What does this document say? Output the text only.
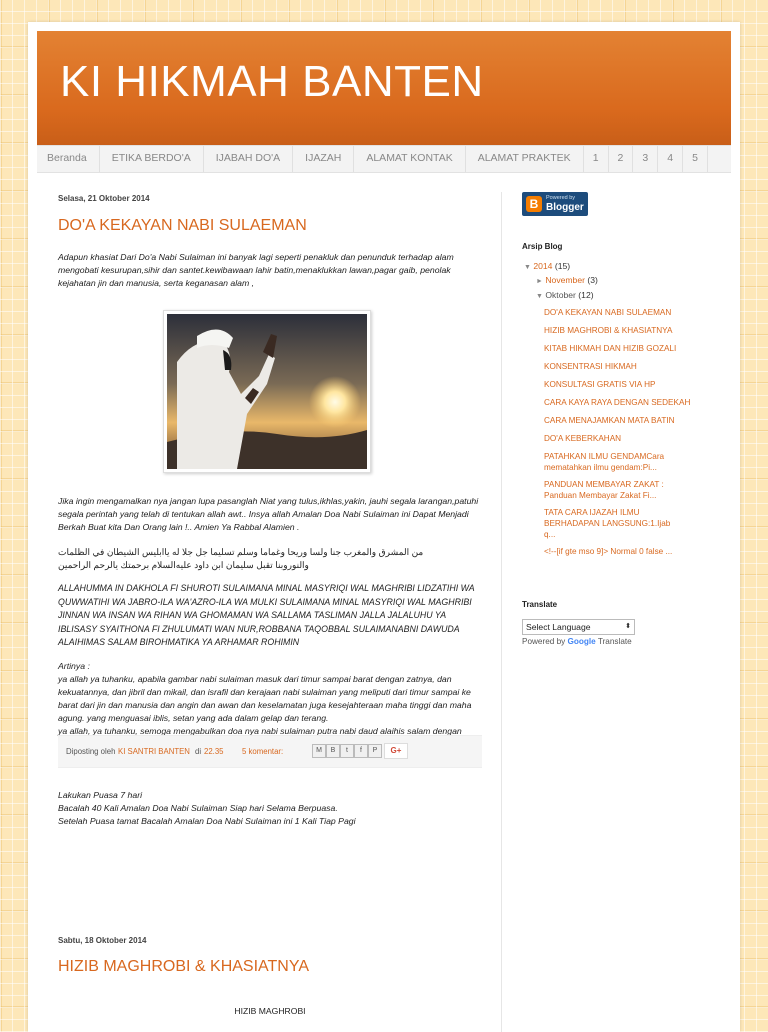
KI HIKMAH BANTEN
Beranda	ETIKA BERDO'A	IJABAH DO'A	IJAZAH	ALAMAT KONTAK	ALAMAT PRAKTEK	1	2	3	4	5
Selasa, 21 Oktober 2014
DO'A KEKAYAN NABI SULAEMAN

Adapun khasiat Dari Do'a Nabi Sulaiman ini banyak lagi seperti penakluk dan penunduk terhadap alam mengobati kesurupan,sihir dan santet.kewibawaan lahir batin,menaklukkan lawan,pagar gaib, penolak kejahatan jin dan manusia, serta keganasan alam ,

Jika ingin mengamalkan nya jangan lupa pasanglah Niat yang tulus,ikhlas,yakin, jauhi segala larangan,patuhi segala perintah yang telah di tentukan allah awt.. Insya allah Amalan Doa Nabi Sulaiman ini Dapat Menjadi Berkah Buat kita Dan Orang lain !.. Amien Ya Rabbal Alamien .

من المشرق والمغرب جنا ولسا وريحا وغماما وسلم تسليما جل جلا له ياابليس الشيطان في الظلمات

والنوروبنا تقبل سليمان ابن داود عليه‌السلام برحمتك يالرحم الراحمين

ALLAHUMMA IN DAKHOLA FI SHUROTI SULAIMANA MINAL MASYRIQI WAL MAGHRIBI LIDZATIHI WA QUWWATIHI WA JABRO-ILA WA'AZRO-ILA WA MULKI SULAIMANA MINAL MASYRIQI WAL MAGHRIBI JINNAN WA INSAN WA RIHAN WA GHOMAMAN WA SALLAMA TASLIMAN JALLA JALALUHU YA IBLISASY SYAITHONA FI ZHULUMATI WAN NUR,ROBBANA TAQOBBAL SULAIMANABNI DAWUDA ALAIHIMAS SALAM BIROHMATIKA YA ARHAMAR ROHIMIN

Artinya :

ya allah ya tuhanku, apabila gambar nabi sulaiman masuk dari timur sampai barat dengan zatnya, dan kekuatannya, dan jibril dan mikail, dan israfil dan kerajaan nabi sulaiman yang meliputi dari timur sampai ke barat dari jin dan manusia dan angin dan awan dan keselamatan juga kesejahteraan maha tinggi dan maha agung. yang menguasai iblis, setan yang ada dalam gelap dan terang.

ya allah, ya tuhanku, semoga mengabulkan doa nya nabi sulaiman putra nabi daud alaihis salam dengan

Lakukan Puasa 7 hari

Bacalah 40 Kali Amalan Doa Nabi Sulaiman Siap hari Selama Berpuasa.

Setelah Puasa tamat Bacalah Amalan Doa Nabi Sulaiman ini 1 Kali Tiap Pagi

Diposting oleh KI SANTRI BANTEN di 22.35 5 komentar:	M	B	t	f	P	G+
Sabtu, 18 Oktober 2014
HIZIB MAGHROBI & KHASIATNYA
HIZIB MAGHROBI
B	Powered by
Blogger
Arsip Blog
▼ 2014 (15)
► November (3)
▼ Oktober (12)
DO'A KEKAYAN NABI SULAEMAN
HIZIB MAGHROBI & KHASIATNYA
KITAB HIKMAH DAN HIZIB GOZALI
KONSENTRASI HIKMAH
KONSULTASI GRATIS VIA HP
CARA KAYA RAYA DENGAN SEDEKAH
CARA MENAJAMKAN MATA BATIN
DO'A KEBERKAHAN
PATAHKAN ILMU GENDAMCara
mematahkan ilmu gendam:Pi...
PANDUAN MEMBAYAR ZAKAT :
Panduan Membayar Zakat Fi...
TATA CARA IJAZAH ILMU
BERHADAPAN LANGSUNG:1.Ijab
q...
<!--[if gte mso 9]> Normal 0 false ...
Translate
Select Language	⬍
Powered by Google Translate
